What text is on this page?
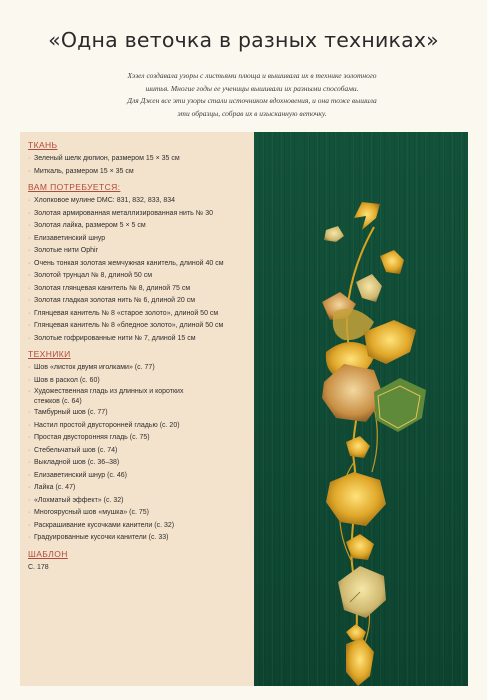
«Одна веточка в разных техниках»

Хэзел создавала узоры с листьями плюща и вышивала их в технике золотного

шитья. Многие годы ее ученицы вышивали их разными способами.

Для Джен все эти узоры стали источником вдохновения, и она тоже вышила

эти образцы, собрав их в изысканную веточку.

ТКАНЬ
· Зеленый шелк дюпион, размером 15 × 35 см
· Миткаль, размером 15 × 35 см
ВАМ ПОТРЕБУЕТСЯ:
· Хлопковое мулине DMC: 831, 832, 833, 834
· Золотая армированная металлизированная нить № 30
· Золотая лайка, размером 5 × 5 см
· Елизаветинский шнур
· Золотые нити Ophir
· Очень тонкая золотая жемчужная канитель, длиной 40 см
· Золотой трунцал № 8, длиной 50 см
· Золотая глянцевая канитель № 8, длиной 75 см
· Золотая гладкая золотая нить № 6, длиной 20 см
· Глянцевая канитель № 8 «старое золото», длиной 50 см
· Глянцевая канитель № 8 «бледное золото», длиной 50 см
· Золотые гофрированные нити № 7, длиной 15 см
ТЕХНИКИ
· Шов «листок двумя иголками» (с. 77)
· Шов в раскол (с. 60)
· Художественная гладь из длинных и коротких стежков (с. 64)
· Тамбурный шов (с. 77)
· Настил простой двусторонней гладью (с. 20)
· Простая двусторонняя гладь (с. 75)
· Стебельчатый шов (с. 74)
· Выкладной шов (с. 36–38)
· Елизаветинский шнур (с. 46)
· Лайка (с. 47)
· «Лохматый эффект» (с. 32)
· Многоярусный шов «мушка» (с. 75)
· Раскрашивание кусочками канители (с. 32)
· Градуированные кусочки канители (с. 33)
ШАБЛОН
С. 178
